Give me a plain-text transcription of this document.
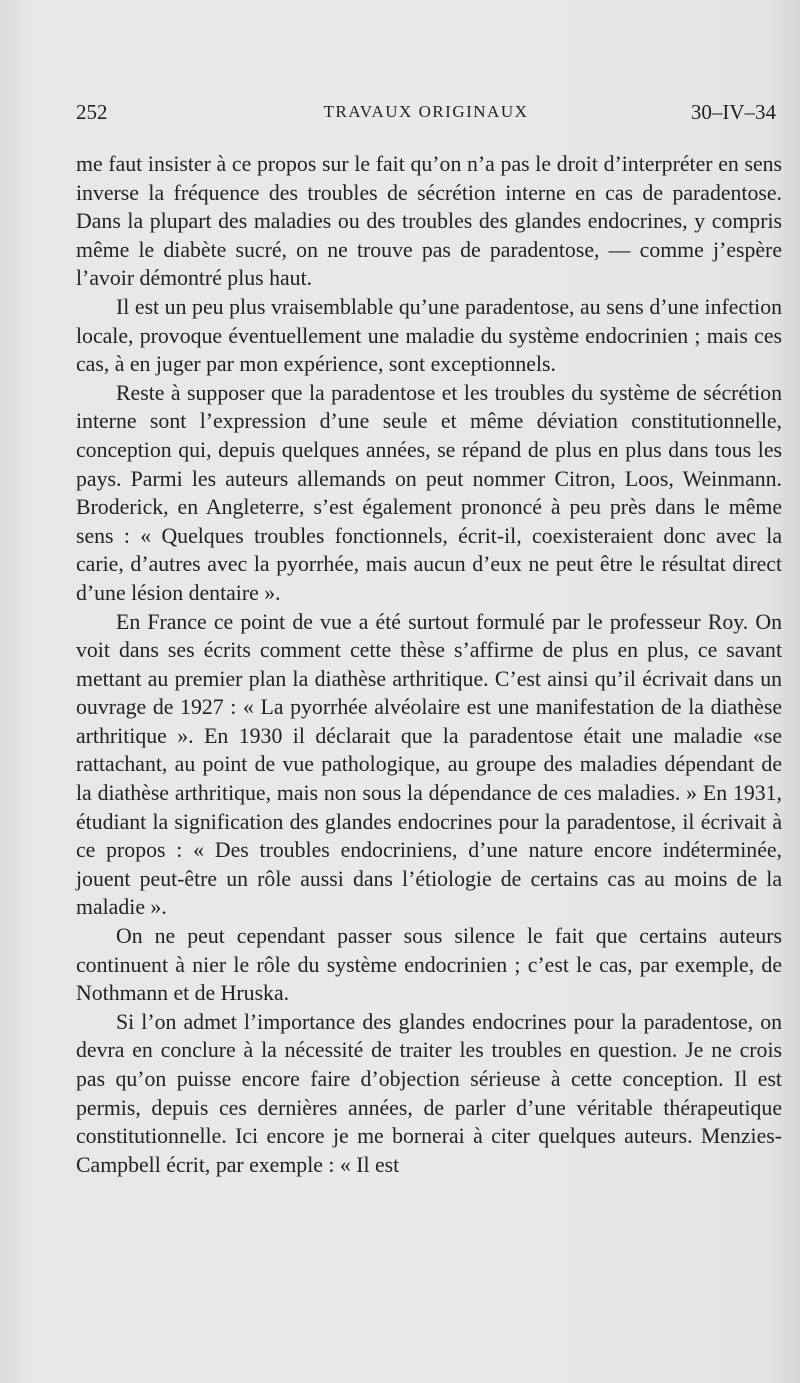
252	TRAVAUX ORIGINAUX	30–IV–34

me faut insister à ce propos sur le fait qu’on n’a pas le droit d’interpréter en sens inverse la fréquence des troubles de sécrétion interne en cas de paradentose. Dans la plupart des maladies ou des troubles des glandes endocrines, y compris même le diabète sucré, on ne trouve pas de paradentose, — comme j’espère l’avoir démontré plus haut.

Il est un peu plus vraisemblable qu’une paradentose, au sens d’une infection locale, provoque éventuellement une maladie du système endocrinien ; mais ces cas, à en juger par mon expérience, sont exceptionnels.

Reste à supposer que la paradentose et les troubles du système de sécrétion interne sont l’expression d’une seule et même déviation constitutionnelle, conception qui, depuis quelques années, se répand de plus en plus dans tous les pays. Parmi les auteurs allemands on peut nommer Citron, Loos, Weinmann. Broderick, en Angleterre, s’est également prononcé à peu près dans le même sens : « Quelques troubles fonctionnels, écrit-il, coexisteraient donc avec la carie, d’autres avec la pyorrhée, mais aucun d’eux ne peut être le résultat direct d’une lésion dentaire ».

En France ce point de vue a été surtout formulé par le professeur Roy. On voit dans ses écrits comment cette thèse s’affirme de plus en plus, ce savant mettant au premier plan la diathèse arthritique. C’est ainsi qu’il écrivait dans un ouvrage de 1927 : « La pyorrhée alvéolaire est une manifestation de la diathèse arthritique ». En 1930 il déclarait que la paradentose était une maladie «se rattachant, au point de vue pathologique, au groupe des maladies dépendant de la diathèse arthritique, mais non sous la dépendance de ces maladies. » En 1931, étudiant la signification des glandes endocrines pour la paradentose, il écrivait à ce propos : « Des troubles endocriniens, d’une nature encore indéterminée, jouent peut-être un rôle aussi dans l’étiologie de certains cas au moins de la maladie ».

On ne peut cependant passer sous silence le fait que certains auteurs continuent à nier le rôle du système endocrinien ; c’est le cas, par exemple, de Nothmann et de Hruska.

Si l’on admet l’importance des glandes endocrines pour la paradentose, on devra en conclure à la nécessité de traiter les troubles en question. Je ne crois pas qu’on puisse encore faire d’objection sérieuse à cette conception. Il est permis, depuis ces dernières années, de parler d’une véritable thérapeutique constitutionnelle. Ici encore je me bornerai à citer quelques auteurs. Menzies-Campbell écrit, par exemple : « Il est
